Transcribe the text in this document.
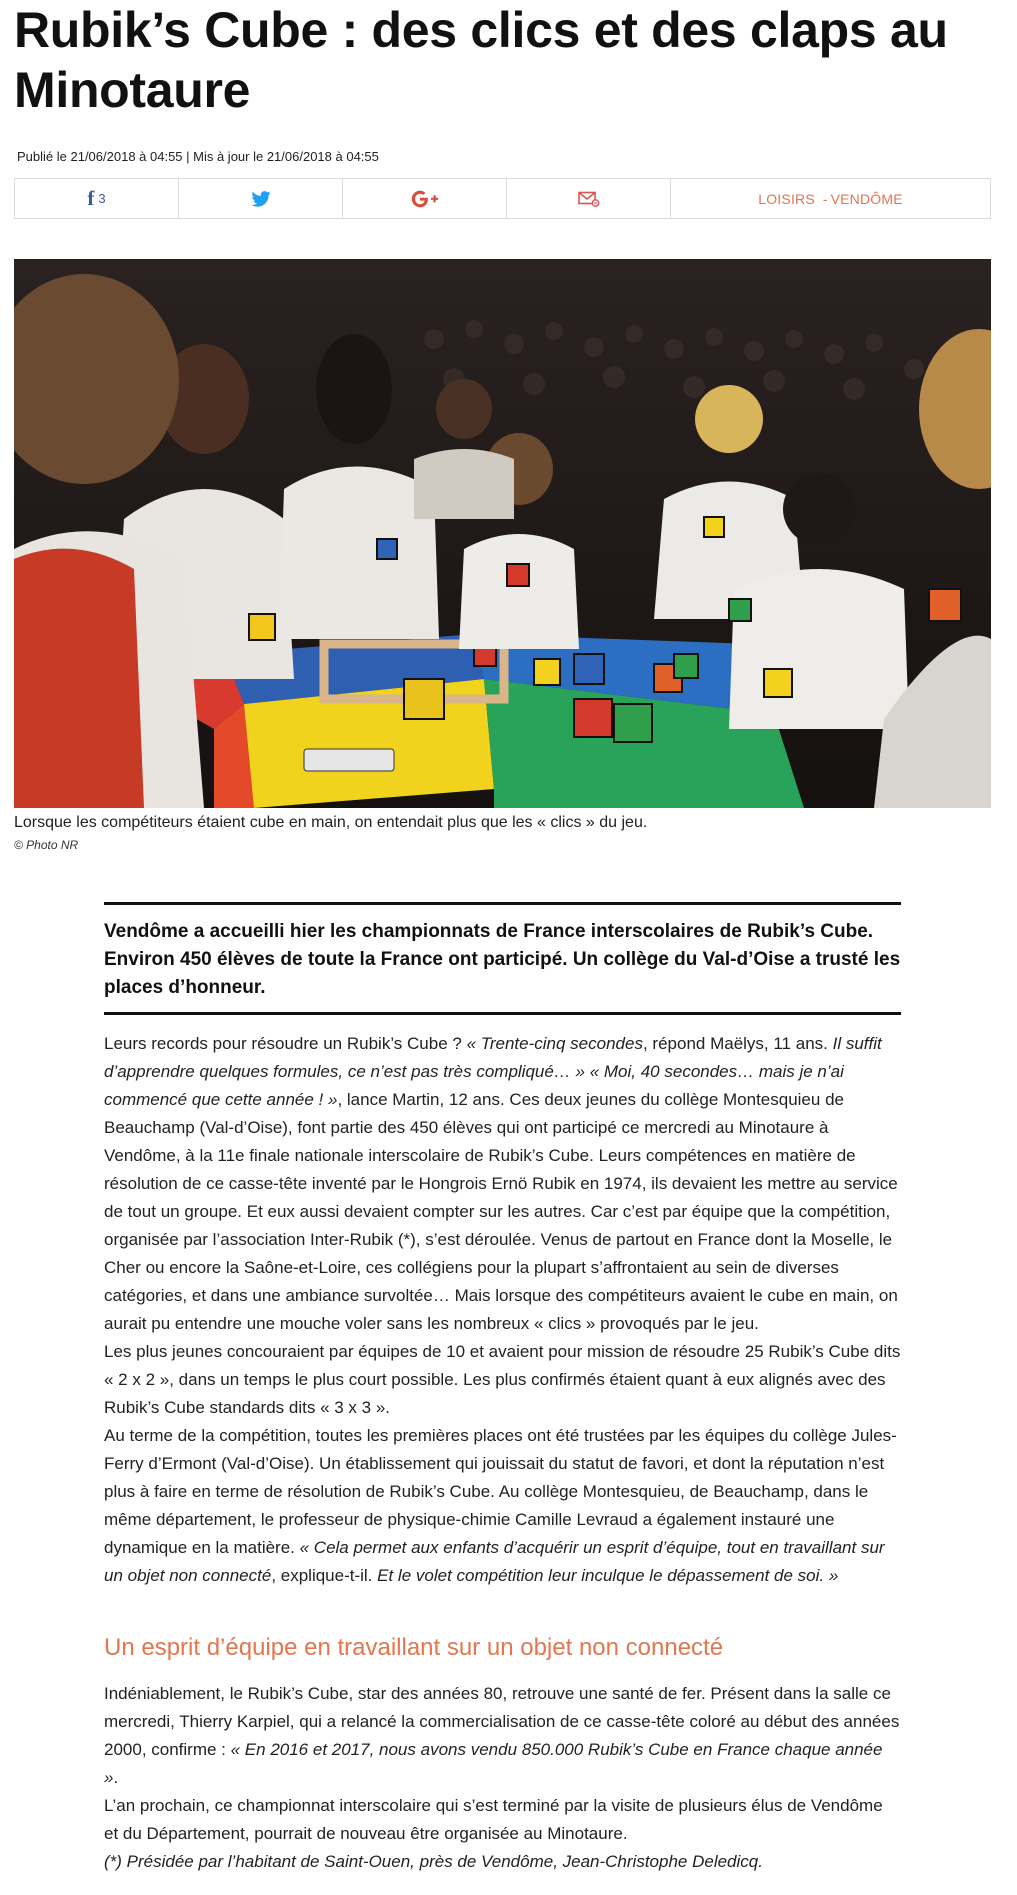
Rubik’s Cube : des clics et des claps au Minotaure
Publié le 21/06/2018 à 04:55 | Mis à jour le 21/06/2018 à 04:55
f 3	LOISIRS - VENDÔME
Lorsque les compétiteurs étaient cube en main, on entendait plus que les « clics » du jeu.
© Photo NR
Vendôme a accueilli hier les championnats de France interscolaires de Rubik’s Cube. Environ 450 élèves de toute la France ont participé. Un collège du Val-d’Oise a trusté les places d’honneur.

Leurs records pour résoudre un Rubik’s Cube ? « Trente-cinq secondes, répond Maëlys, 11 ans. Il suffit d’apprendre quelques formules, ce n’est pas très compliqué… » « Moi, 40 secondes… mais je n’ai commencé que cette année ! », lance Martin, 12 ans. Ces deux jeunes du collège Montesquieu de Beauchamp (Val-d’Oise), font partie des 450 élèves qui ont participé ce mercredi au Minotaure à Vendôme, à la 11e finale nationale interscolaire de Rubik’s Cube. Leurs compétences en matière de résolution de ce casse-tête inventé par le Hongrois Ernö Rubik en 1974, ils devaient les mettre au service de tout un groupe. Et eux aussi devaient compter sur les autres. Car c’est par équipe que la compétition, organisée par l’association Inter-Rubik (*), s’est déroulée. Venus de partout en France dont la Moselle, le Cher ou encore la Saône-et-Loire, ces collégiens pour la plupart s’affrontaient au sein de diverses catégories, et dans une ambiance survoltée… Mais lorsque des compétiteurs avaient le cube en main, on aurait pu entendre une mouche voler sans les nombreux « clics » provoqués par le jeu.

Les plus jeunes concouraient par équipes de 10 et avaient pour mission de résoudre 25 Rubik’s Cube dits « 2 x 2 », dans un temps le plus court possible. Les plus confirmés étaient quant à eux alignés avec des Rubik’s Cube standards dits « 3 x 3 ».

Au terme de la compétition, toutes les premières places ont été trustées par les équipes du collège Jules-Ferry d’Ermont (Val-d’Oise). Un établissement qui jouissait du statut de favori, et dont la réputation n’est plus à faire en terme de résolution de Rubik’s Cube. Au collège Montesquieu, de Beauchamp, dans le même département, le professeur de physique-chimie Camille Levraud a également instauré une dynamique en la matière. « Cela permet aux enfants d’acquérir un esprit d’équipe, tout en travaillant sur un objet non connecté, explique-t-il. Et le volet compétition leur inculque le dépassement de soi. »

Un esprit d’équipe en travaillant sur un objet non connecté

Indéniablement, le Rubik’s Cube, star des années 80, retrouve une santé de fer. Présent dans la salle ce mercredi, Thierry Karpiel, qui a relancé la commercialisation de ce casse-tête coloré au début des années 2000, confirme : « En 2016 et 2017, nous avons vendu 850.000 Rubik’s Cube en France chaque année ».

L’an prochain, ce championnat interscolaire qui s’est terminé par la visite de plusieurs élus de Vendôme et du Département, pourrait de nouveau être organisée au Minotaure.

(*) Présidée par l’habitant de Saint-Ouen, près de Vendôme, Jean-Christophe Deledicq.
